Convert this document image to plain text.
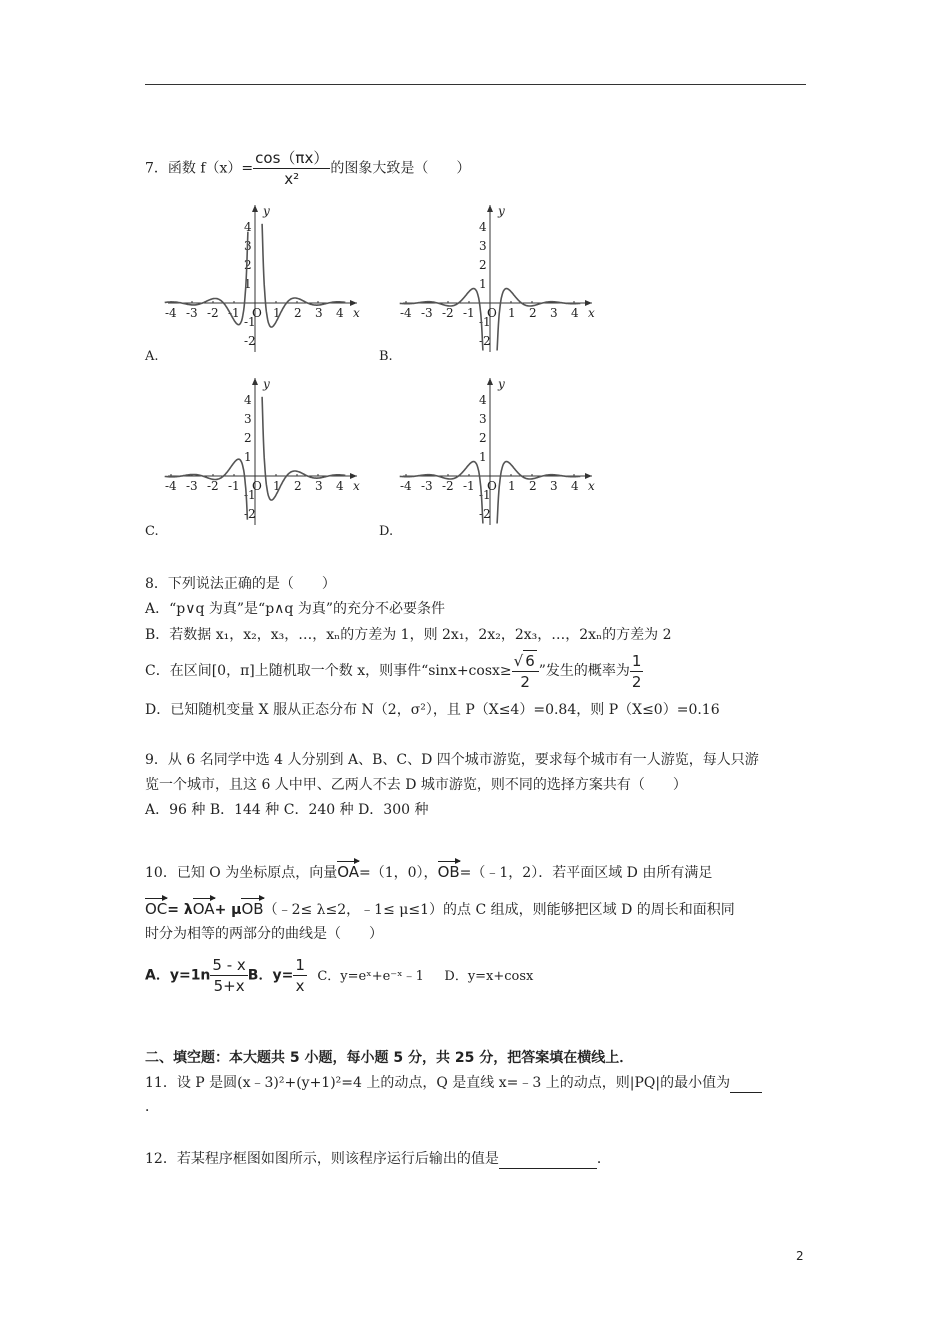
7．函数 $f(x)= \frac{\cos(\pi x)}{\text{x²}}$ 的图象大致是（　　）
-4 -3 -2 -1 O 1 2 3 4 x
4
3
2
1
-1
-2
y
-4 -3 -2 -1 O 1 2 3 4 x
4
3
2
1
-1
-2
y
-4 -3 -2 -1 O 1 2 3 4 x
4
3
2
1
-1
-2
y
-4 -3 -2 -1 O 1 2 3 4 x
4
3
2
1
-1
-2
y
A.	B.
C.	D.
8．下列说法正确的是（　　）
A．“p∨q 为真”是“p∧q 为真”的充分不必要条件
B．若数据 x₁，x₂，x₃，…，xₙ的方差为 1，则 2x₁，2x₂，2x₃，…，2xₙ的方差为 2
C．在区间[0，π]上随机取一个数 x，则事件“$\sin x+\cos x\ge \frac{√ 6}{2}$ ”发生的概率为 $\frac{1}{2}$
D．已知随机变量 X 服从正态分布 N（2，σ²），且 P（X≤4）=0.84，则 P（X≤0）=0.16
9．从 6 名同学中选 4 人分别到 A、B、C、D 四个城市游览，要求每个城市有一人游览，每人只游
览一个城市，且这 6 人中甲、乙两人不去 D 城市游览，则不同的选择方案共有（　　）
A．96 种 B．144 种 C．240 种 D．300 种
10．已知 O 为坐标原点，向量OA=（1，0），OB=（﹣1，2）．若平面区域 D 由所有满足
OC= λOA+ μOB（﹣2≤ λ≤2，﹣1≤ μ≤1）的点 C 组成，则能够把区域 D 的周长和面积同
时分为相等的两部分的曲线是（　　）
A．$y=1n \frac{5 - x}{5+x}$ B．$y= \frac{1}{x}$ C．y=eˣ+e⁻ˣ﹣1 D．y=x+cosx
二、填空题：本大题共 5 小题，每小题 5 分，共 25 分，把答案填在横线上．
11．设 P 是圆(x﹣3)²+(y+1)²=4 上的动点，Q 是直线 x=﹣3 上的动点，则|PQ|的最小值为
．
12．若某程序框图如图所示，则该程序运行后输出的值是	．
2
